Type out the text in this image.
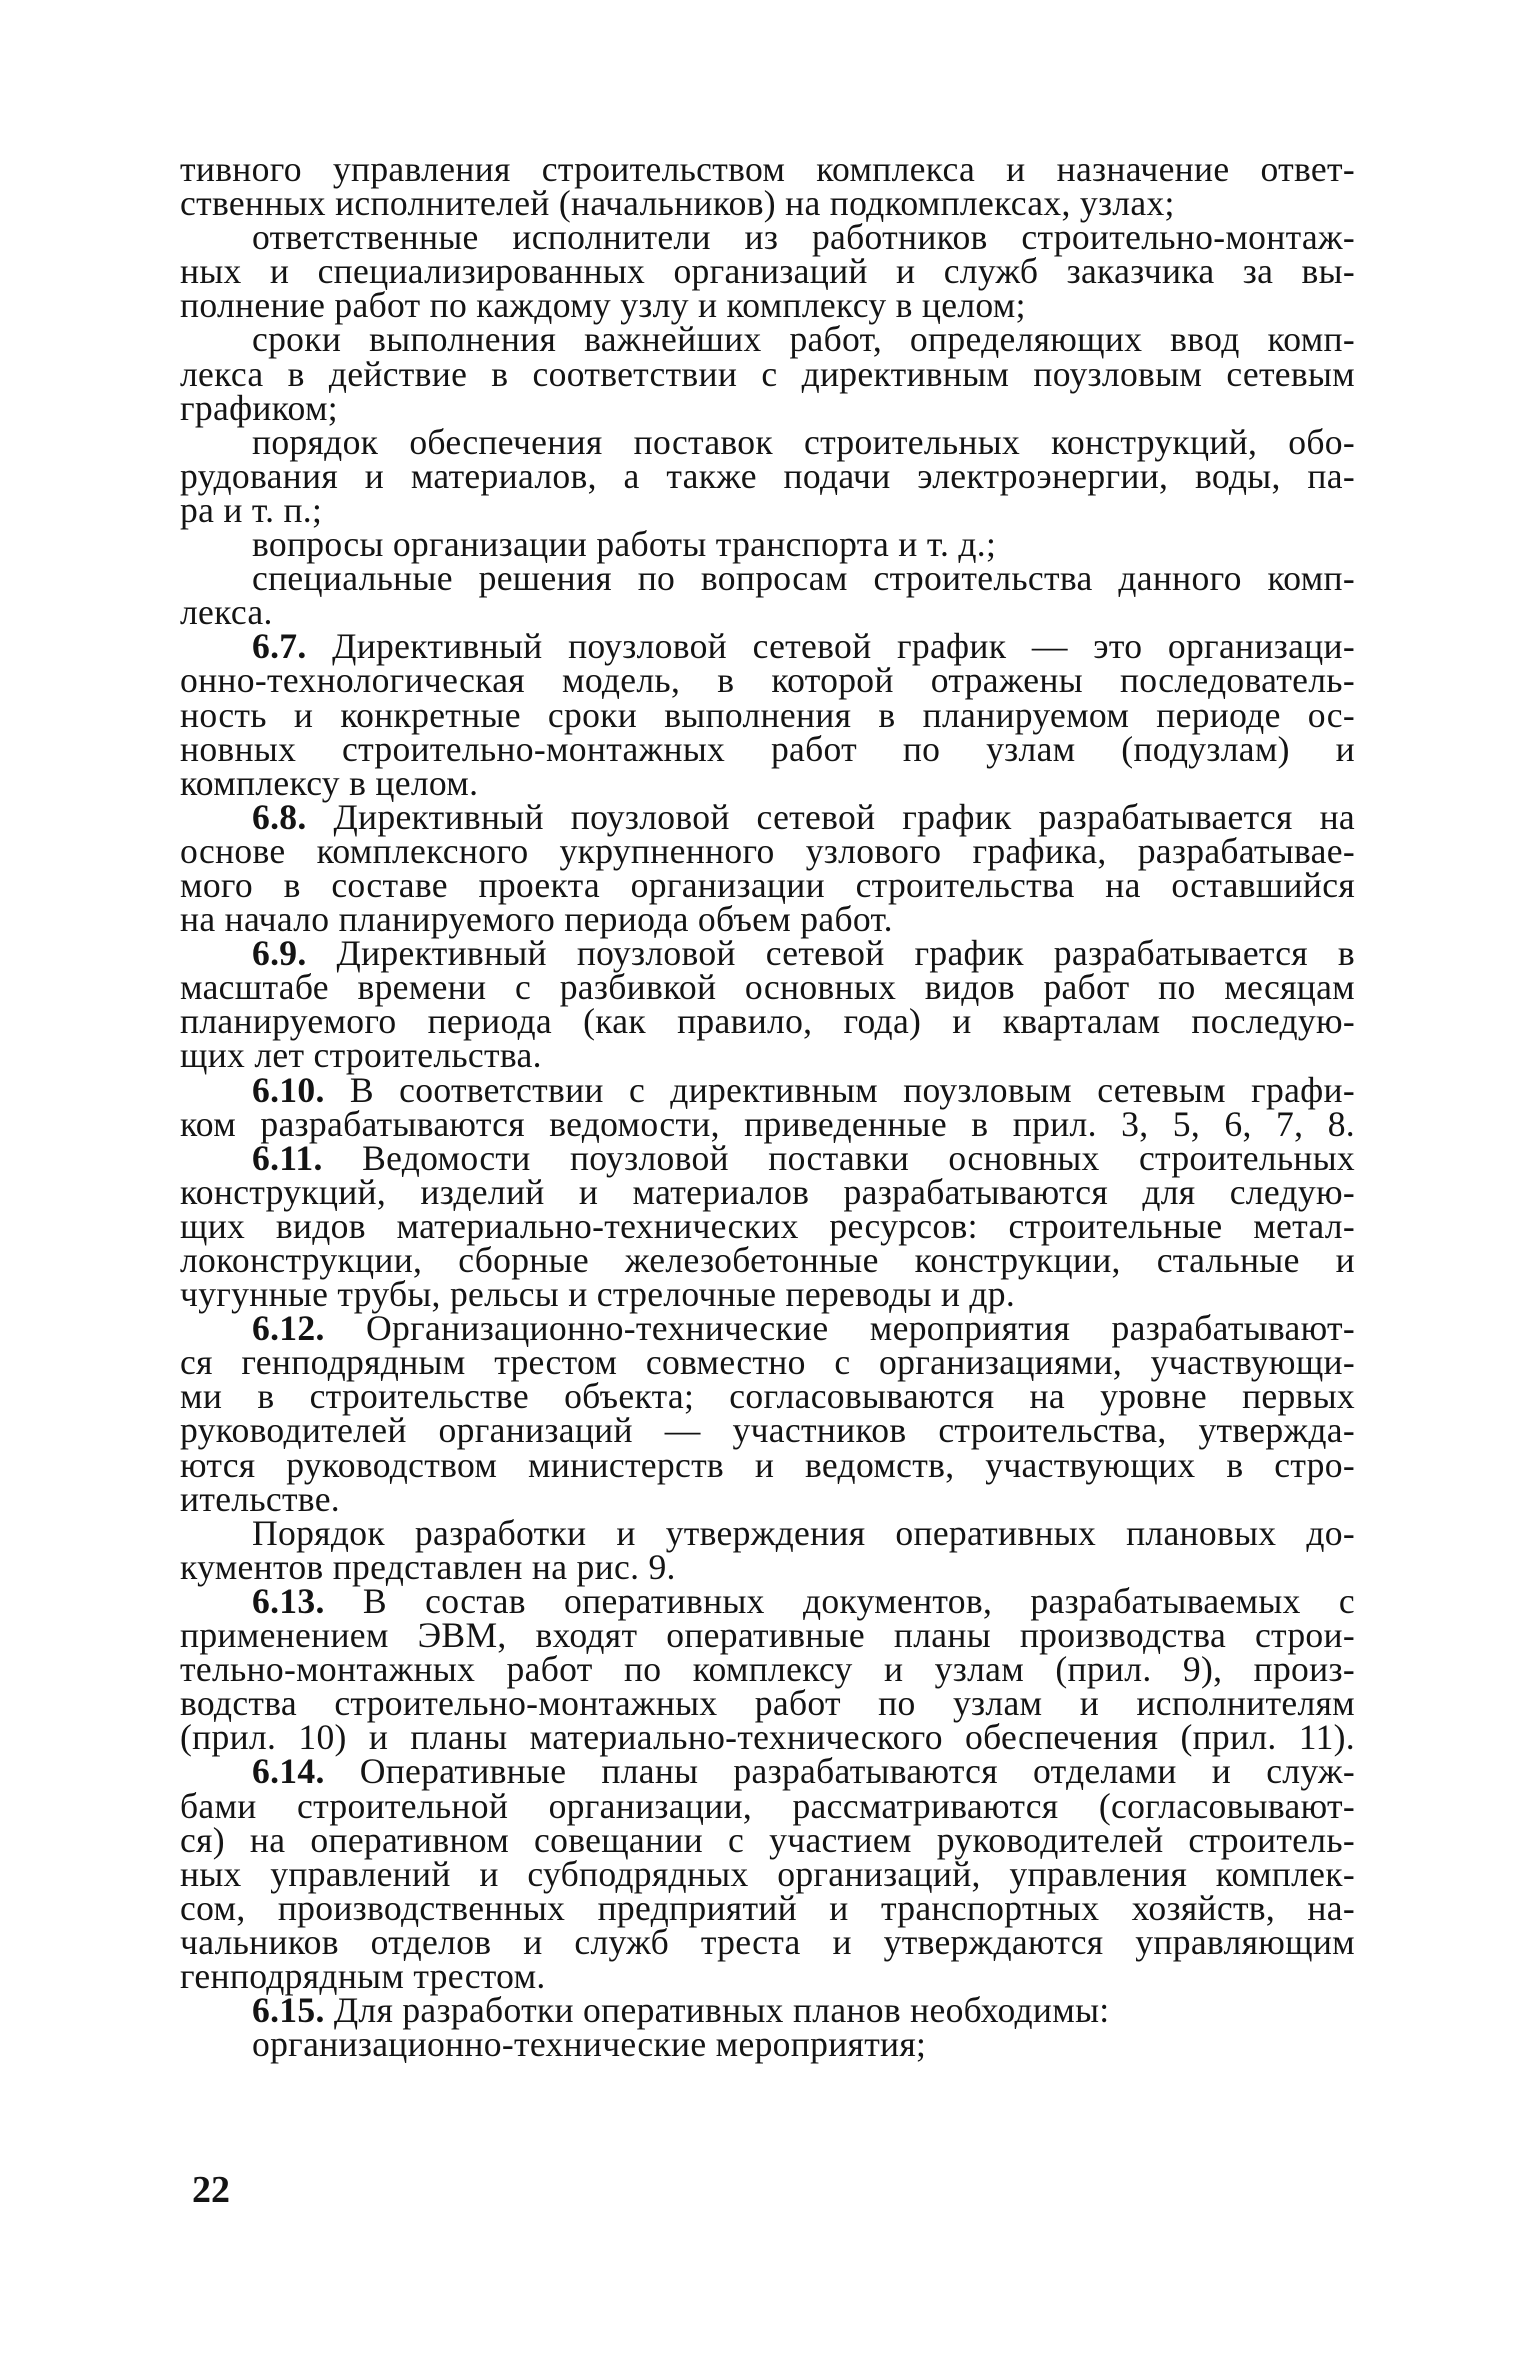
тивного управления строительством комплекса и назначение ответ-
ственных исполнителей (начальников) на подкомплексах, узлах;
ответственные исполнители из работников строительно-монтаж-
ных и специализированных организаций и служб заказчика за вы-
полнение работ по каждому узлу и комплексу в целом;
сроки выполнения важнейших работ, определяющих ввод комп-
лекса в действие в соответствии с директивным поузловым сетевым
графиком;
порядок обеспечения поставок строительных конструкций, обо-
рудования и материалов, а также подачи электроэнергии, воды, па-
ра и т. п.;
вопросы организации работы транспорта и т. д.;
специальные решения по вопросам строительства данного комп-
лекса.
6.7. Директивный поузловой сетевой график — это организаци-
онно-технологическая модель, в которой отражены последователь-
ность и конкретные сроки выполнения в планируемом периоде ос-
новных строительно-монтажных работ по узлам (подузлам) и
комплексу в целом.
6.8. Директивный поузловой сетевой график разрабатывается на
основе комплексного укрупненного узлового графика, разрабатывае-
мого в составе проекта организации строительства на оставшийся
на начало планируемого периода объем работ.
6.9. Директивный поузловой сетевой график разрабатывается в
масштабе времени с разбивкой основных видов работ по месяцам
планируемого периода (как правило, года) и кварталам последую-
щих лет строительства.
6.10. В соответствии с директивным поузловым сетевым графи-
ком разрабатываются ведомости, приведенные в прил. 3, 5, 6, 7, 8.
6.11. Ведомости поузловой поставки основных строительных
конструкций, изделий и материалов разрабатываются для следую-
щих видов материально-технических ресурсов: строительные метал-
локонструкции, сборные железобетонные конструкции, стальные и
чугунные трубы, рельсы и стрелочные переводы и др.
6.12. Организационно-технические мероприятия разрабатывают-
ся генподрядным трестом совместно с организациями, участвующи-
ми в строительстве объекта; согласовываются на уровне первых
руководителей организаций — участников строительства, утвержда-
ются руководством министерств и ведомств, участвующих в стро-
ительстве.
Порядок разработки и утверждения оперативных плановых до-
кументов представлен на рис. 9.
6.13. В состав оперативных документов, разрабатываемых с
применением ЭВМ, входят оперативные планы производства строи-
тельно-монтажных работ по комплексу и узлам (прил. 9), произ-
водства строительно-монтажных работ по узлам и исполнителям
(прил. 10) и планы материально-технического обеспечения (прил. 11).
6.14. Оперативные планы разрабатываются отделами и служ-
бами строительной организации, рассматриваются (согласовывают-
ся) на оперативном совещании с участием руководителей строитель-
ных управлений и субподрядных организаций, управления комплек-
сом, производственных предприятий и транспортных хозяйств, на-
чальников отделов и служб треста и утверждаются управляющим
генподрядным трестом.
6.15. Для разработки оперативных планов необходимы:
организационно-технические мероприятия;
22
